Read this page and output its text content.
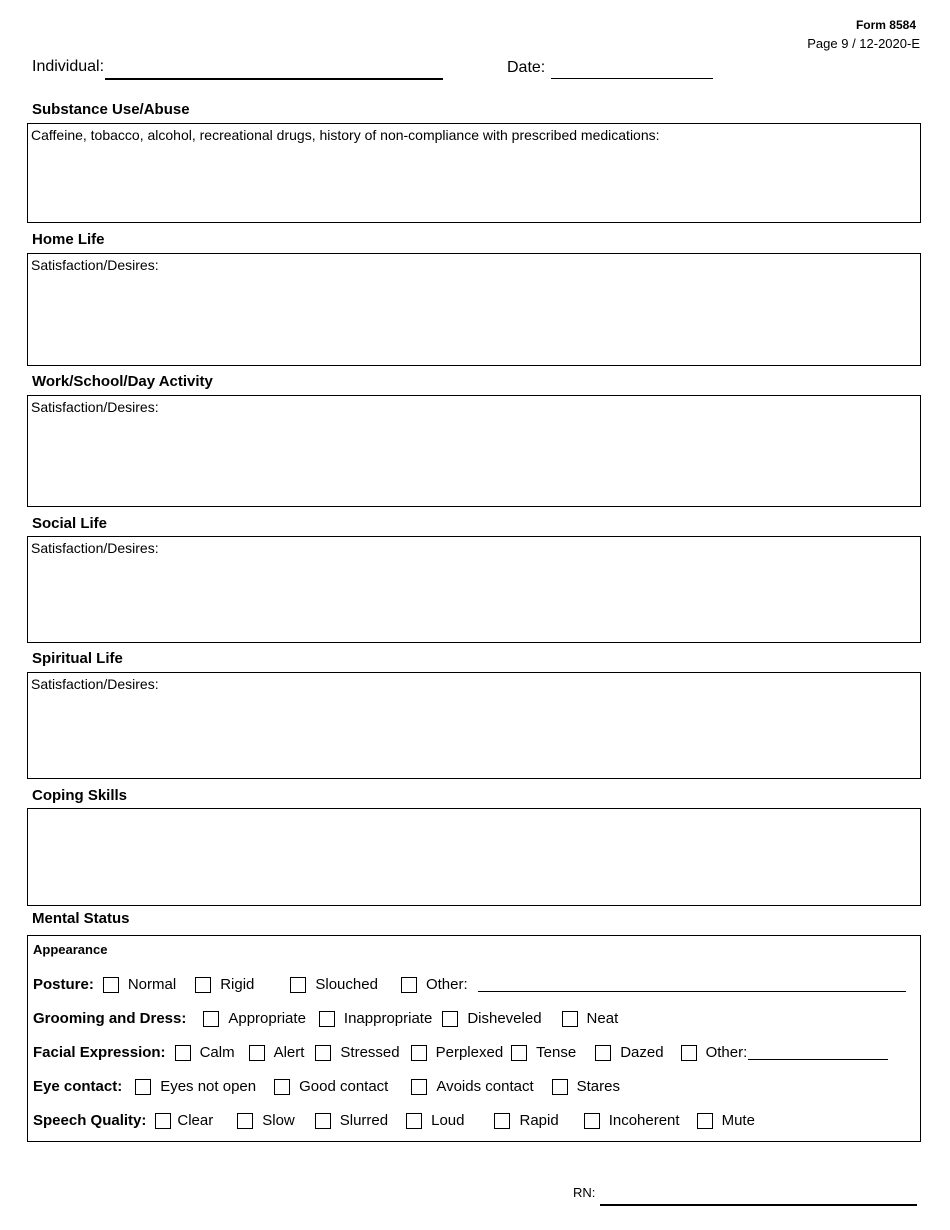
Form 8584
Page 9 / 12-2020-E
Individual:	Date:
Substance Use/Abuse
Caffeine, tobacco, alcohol, recreational drugs, history of non-compliance with prescribed medications:
Home Life
Satisfaction/Desires:
Work/School/Day Activity
Satisfaction/Desires:
Social Life
Satisfaction/Desires:
Spiritual Life
Satisfaction/Desires:
Coping Skills
Mental Status
Appearance
Posture: Normal	Rigid	Slouched	Other:
Grooming and Dress:	Appropriate	Inappropriate Disheveled	Neat
Facial Expression: Calm	Alert Stressed Perplexed Tense	Dazed	Other:
Eye contact:	Eyes not open	Good contact	Avoids contact	Stares
Speech Quality: Clear	Slow	Slurred	Loud	Rapid	Incoherent	Mute
RN:
